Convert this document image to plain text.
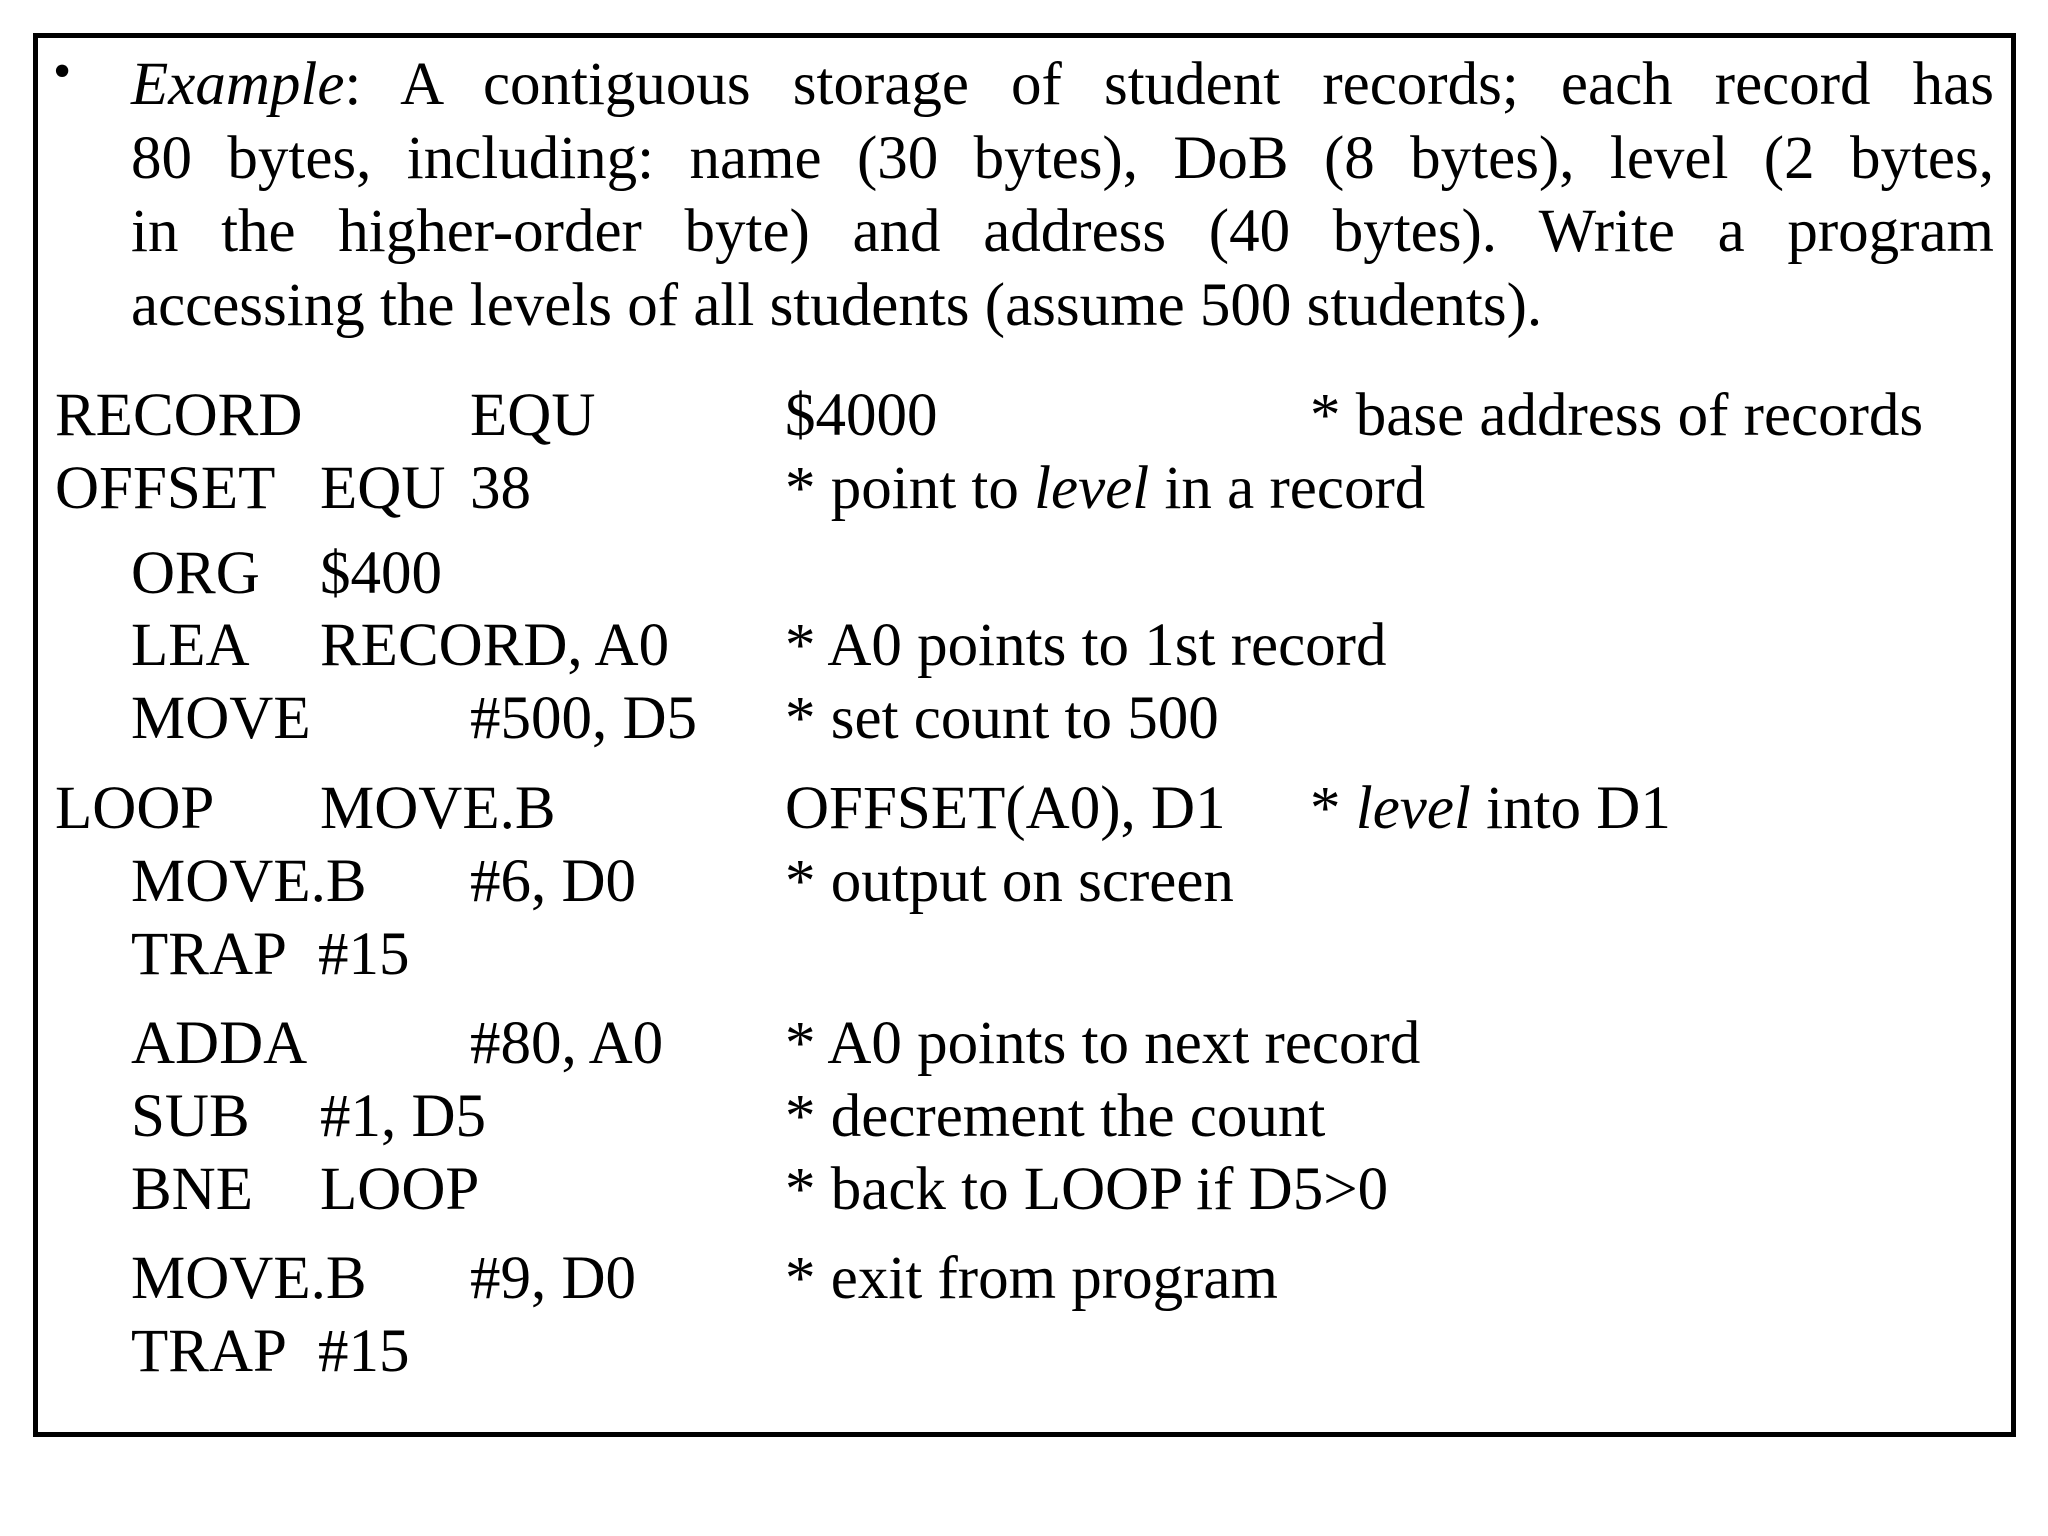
• Example: A contiguous storage of student records; each record has
80 bytes, including: name (30 bytes), DoB (8 bytes), level (2 bytes,
in the higher-order byte) and address (40 bytes). Write a program
accessing the levels of all students (assume 500 students).
RECORD	EQU	$4000	* base address of records
OFFSET EQU 38	* point to level in a record
ORG $400
LEA RECORD, A0 * A0 points to 1st record
MOVE	#500, D5 * set count to 500
LOOP MOVE.B	OFFSET(A0), D1 * level into D1
MOVE.B #6, D0 * output on screen
TRAP #15
ADDA	#80, A0 * A0 points to next record
SUB #1, D5	* decrement the count
BNE LOOP	* back to LOOP if D5>0
MOVE.B #9, D0 * exit from program
TRAP #15
